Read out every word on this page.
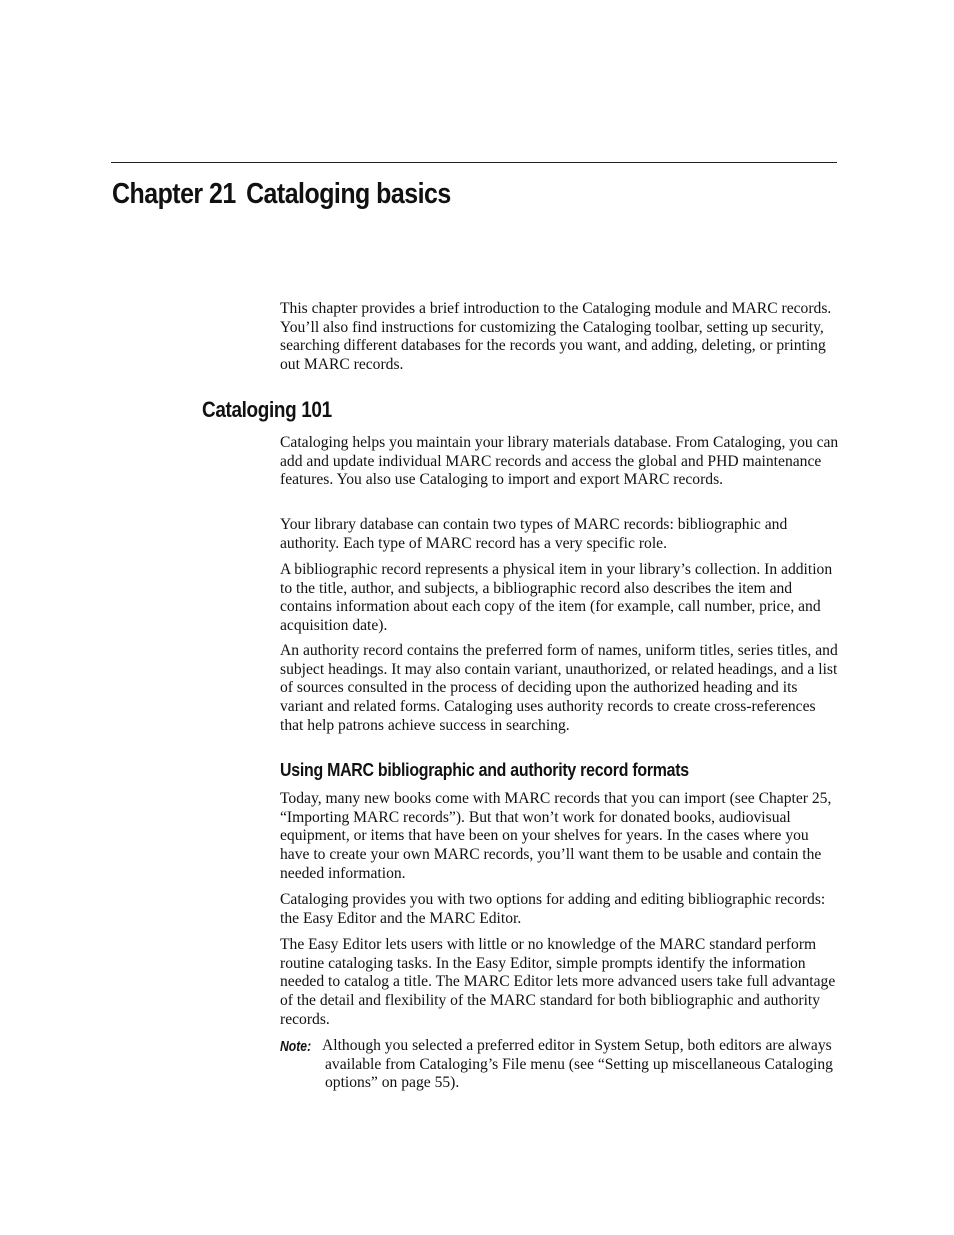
Chapter 21 Cataloging basics

This chapter provides a brief introduction to the Cataloging module and MARC records. You’ll also find instructions for customizing the Cataloging toolbar, setting up security, searching different databases for the records you want, and adding, deleting, or printing out MARC records.

Cataloging 101

Cataloging helps you maintain your library materials database. From Cataloging, you can add and update individual MARC records and access the global and PHD maintenance features. You also use Cataloging to import and export MARC records.

Your library database can contain two types of MARC records: bibliographic and authority. Each type of MARC record has a very specific role.

A bibliographic record represents a physical item in your library’s collection. In addition to the title, author, and subjects, a bibliographic record also describes the item and contains information about each copy of the item (for example, call number, price, and acquisition date).

An authority record contains the preferred form of names, uniform titles, series titles, and subject headings. It may also contain variant, unauthorized, or related headings, and a list of sources consulted in the process of deciding upon the authorized heading and its variant and related forms. Cataloging uses authority records to create cross-references that help patrons achieve success in searching.

Using MARC bibliographic and authority record formats

Today, many new books come with MARC records that you can import (see Chapter 25, “Importing MARC records”). But that won’t work for donated books, audiovisual equipment, or items that have been on your shelves for years. In the cases where you have to create your own MARC records, you’ll want them to be usable and contain the needed information.

Cataloging provides you with two options for adding and editing bibliographic records: the Easy Editor and the MARC Editor.

The Easy Editor lets users with little or no knowledge of the MARC standard perform routine cataloging tasks. In the Easy Editor, simple prompts identify the information needed to catalog a title. The MARC Editor lets more advanced users take full advantage of the detail and flexibility of the MARC standard for both bibliographic and authority records.

Note: Although you selected a preferred editor in System Setup, both editors are always available from Cataloging’s File menu (see “Setting up miscellaneous Cataloging options” on page 55).
